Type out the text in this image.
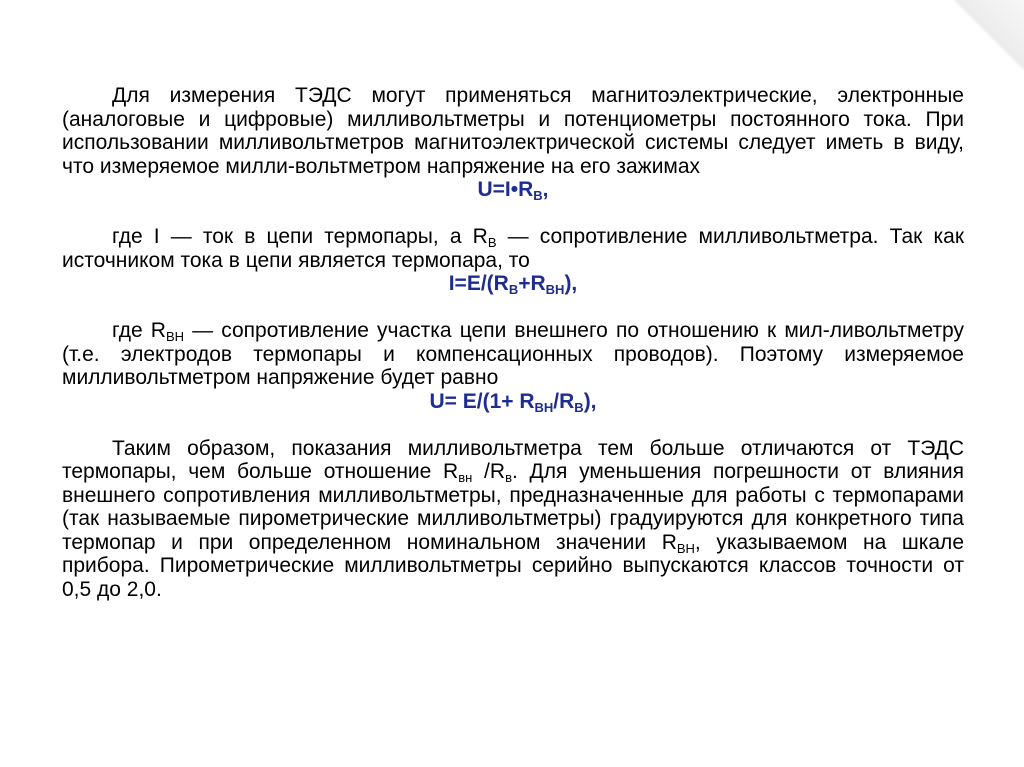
Для измерения ТЭДС могут применяться магнитоэлектрические, электронные (аналоговые и цифровые) милливольтметры и потенциометры постоянного тока. При использовании милливольтметров магнитоэлектрической системы следует иметь в виду, что измеряемое милли-вольтметром напряжение на его зажимах

$U=I•R_В$,

где I — ток в цепи термопары, а $R_В$ — сопротивление милливольтметра. Так как источником тока в цепи является термопара, то

$I=E/(R_В+R_{ВН})$,

где $R_{ВН}$ — сопротивление участка цепи внешнего по отношению к мил-ливольтметру (т.е. электродов термопары и компенсационных проводов). Поэтому измеряемое милливольтметром напряжение будет равно

$U= E/(1+ R_{ВН}/R_В)$,

Таким образом, показания милливольтметра тем больше отличаются от ТЭДС термопары, чем больше отношение $R_{вн}$ $/R_в$. Для уменьшения погрешности от влияния внешнего сопротивления милливольтметры, предназначенные для работы с термопарами (так называемые пирометрические милливольтметры) градуируются для конкретного типа термопар и при определенном номинальном значении $R_{ВН}$, указываемом на шкале прибора. Пирометрические милливольтметры серийно выпускаются классов точности от 0,5 до 2,0.
